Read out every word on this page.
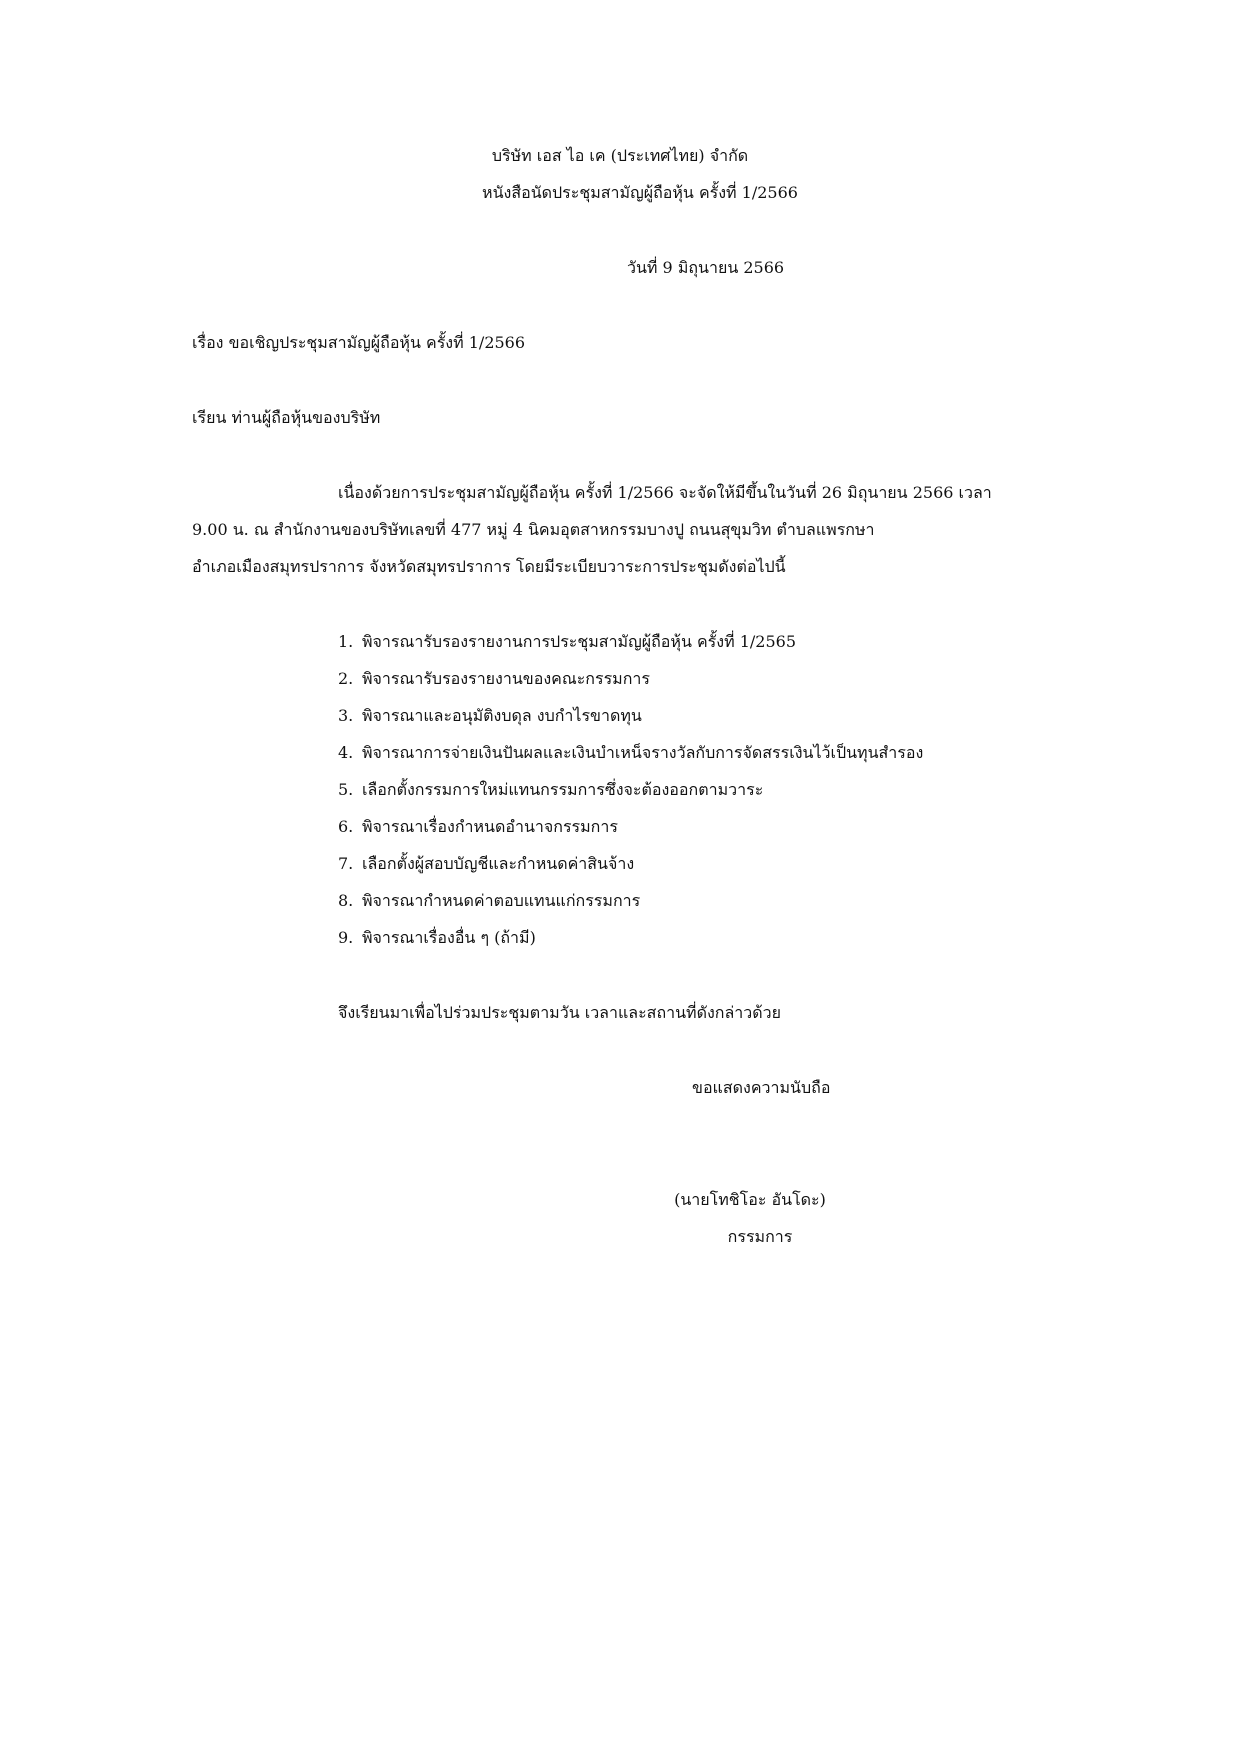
บริษัท เอส ไอ เค (ประเทศไทย) จำกัด
หนังสือนัดประชุมสามัญผู้ถือหุ้น ครั้งที่ 1/2566
วันที่ 9 มิถุนายน 2566
เรื่อง ขอเชิญประชุมสามัญผู้ถือหุ้น ครั้งที่ 1/2566
เรียน ท่านผู้ถือหุ้นของบริษัท
เนื่องด้วยการประชุมสามัญผู้ถือหุ้น ครั้งที่ 1/2566 จะจัดให้มีขึ้นในวันที่ 26 มิถุนายน 2566 เวลา
9.00 น. ณ สำนักงานของบริษัทเลขที่ 477 หมู่ 4 นิคมอุตสาหกรรมบางปู ถนนสุขุมวิท ตำบลแพรกษา
อำเภอเมืองสมุทรปราการ จังหวัดสมุทรปราการ โดยมีระเบียบวาระการประชุมดังต่อไปนี้
1. พิจารณารับรองรายงานการประชุมสามัญผู้ถือหุ้น ครั้งที่ 1/2565
2. พิจารณารับรองรายงานของคณะกรรมการ
3. พิจารณาและอนุมัติงบดุล งบกำไรขาดทุน
4. พิจารณาการจ่ายเงินปันผลและเงินบำเหน็จรางวัลกับการจัดสรรเงินไว้เป็นทุนสำรอง
5. เลือกตั้งกรรมการใหม่แทนกรรมการซึ่งจะต้องออกตามวาระ
6. พิจารณาเรื่องกำหนดอำนาจกรรมการ
7. เลือกตั้งผู้สอบบัญชีและกำหนดค่าสินจ้าง
8. พิจารณากำหนดค่าตอบแทนแก่กรรมการ
9. พิจารณาเรื่องอื่น ๆ (ถ้ามี)
จึงเรียนมาเพื่อไปร่วมประชุมตามวัน เวลาและสถานที่ดังกล่าวด้วย
ขอแสดงความนับถือ
(นายโทชิโอะ อันโดะ)
กรรมการ
